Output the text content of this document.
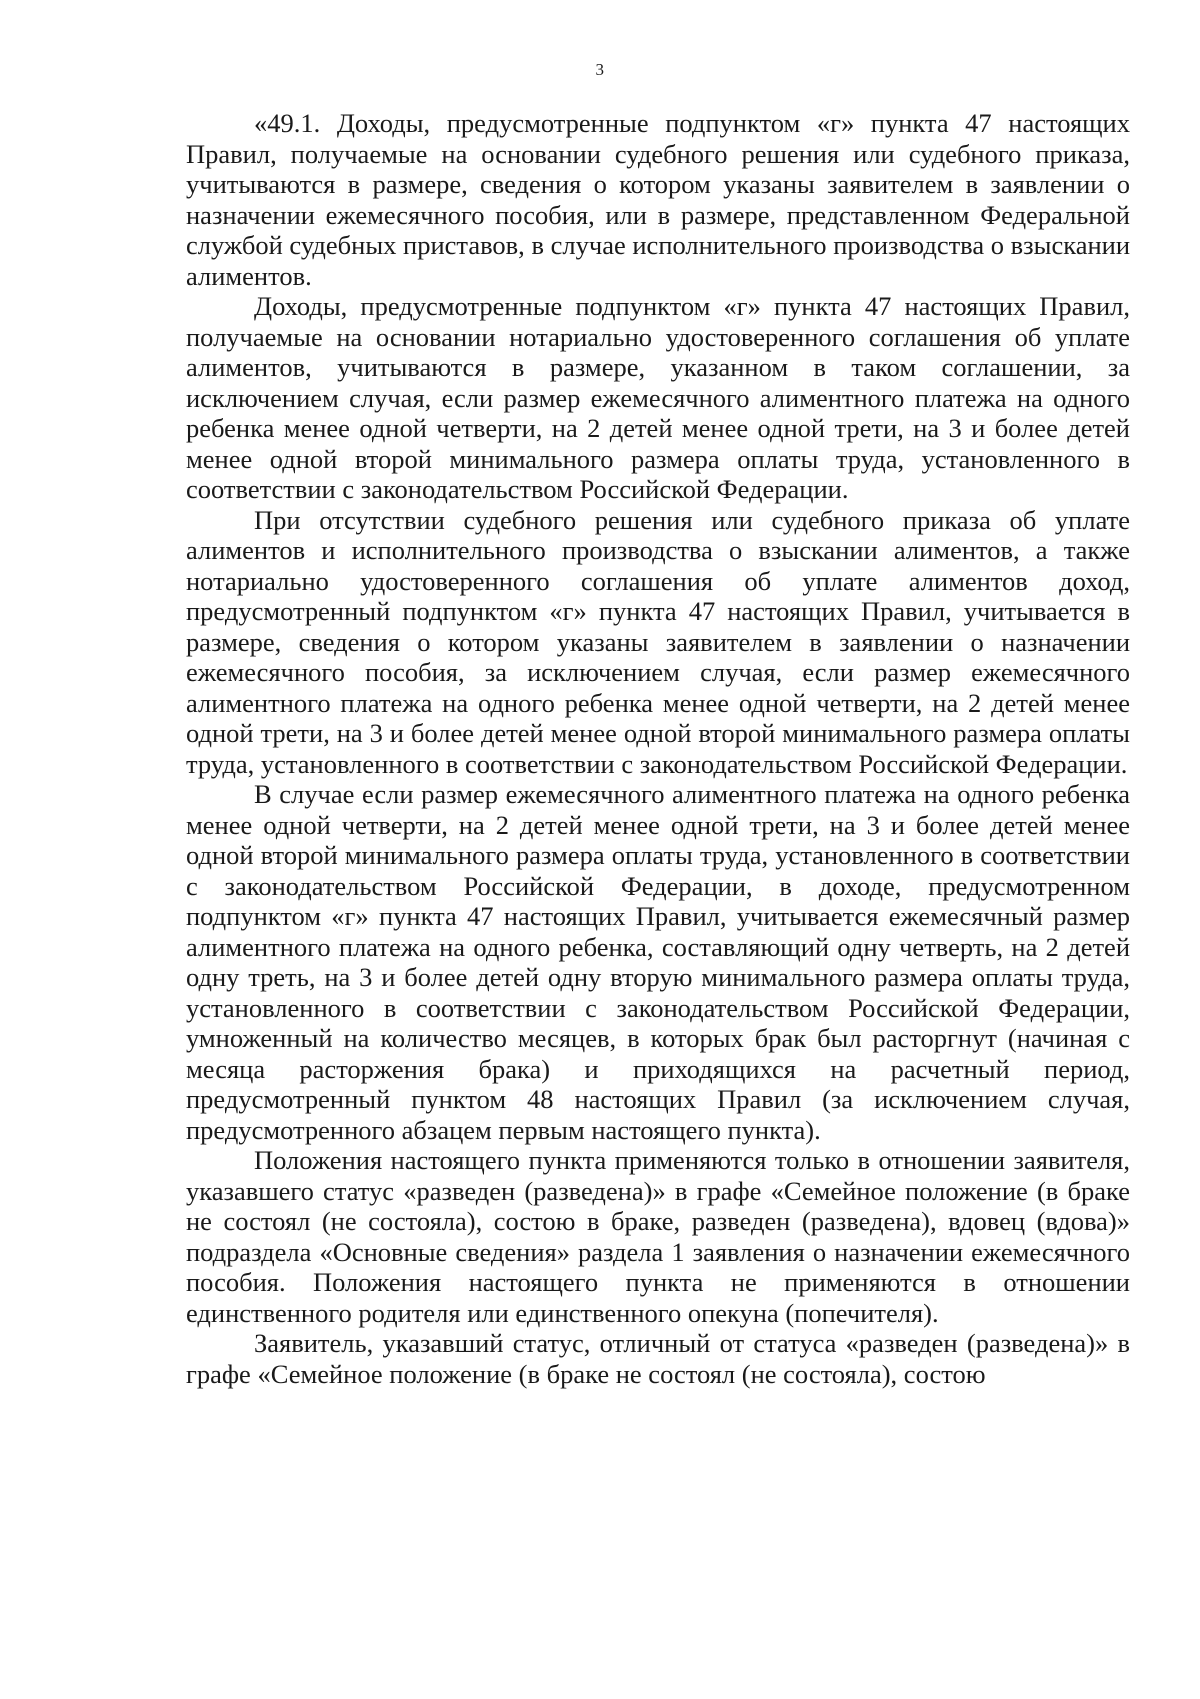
3

«49.1. Доходы, предусмотренные подпунктом «г» пункта 47 настоящих Правил, получаемые на основании судебного решения или судебного приказа, учитываются в размере, сведения о котором указаны заявителем в заявлении о назначении ежемесячного пособия, или в размере, представленном Федеральной службой судебных приставов, в случае исполнительного производства о взыскании алиментов.

Доходы, предусмотренные подпунктом «г» пункта 47 настоящих Правил, получаемые на основании нотариально удостоверенного соглашения об уплате алиментов, учитываются в размере, указанном в таком соглашении, за исключением случая, если размер ежемесячного алиментного платежа на одного ребенка менее одной четверти, на 2 детей менее одной трети, на 3 и более детей менее одной второй минимального размера оплаты труда, установленного в соответствии с законодательством Российской Федерации.

При отсутствии судебного решения или судебного приказа об уплате алиментов и исполнительного производства о взыскании алиментов, а также нотариально удостоверенного соглашения об уплате алиментов доход, предусмотренный подпунктом «г» пункта 47 настоящих Правил, учитывается в размере, сведения о котором указаны заявителем в заявлении о назначении ежемесячного пособия, за исключением случая, если размер ежемесячного алиментного платежа на одного ребенка менее одной четверти, на 2 детей менее одной трети, на 3 и более детей менее одной второй минимального размера оплаты труда, установленного в соответствии с законодательством Российской Федерации.

В случае если размер ежемесячного алиментного платежа на одного ребенка менее одной четверти, на 2 детей менее одной трети, на 3 и более детей менее одной второй минимального размера оплаты труда, установленного в соответствии с законодательством Российской Федерации, в доходе, предусмотренном подпунктом «г» пункта 47 настоящих Правил, учитывается ежемесячный размер алиментного платежа на одного ребенка, составляющий одну четверть, на 2 детей одну треть, на 3 и более детей одну вторую минимального размера оплаты труда, установленного в соответствии с законодательством Российской Федерации, умноженный на количество месяцев, в которых брак был расторгнут (начиная с месяца расторжения брака) и приходящихся на расчетный период, предусмотренный пунктом 48 настоящих Правил (за исключением случая, предусмотренного абзацем первым настоящего пункта).

Положения настоящего пункта применяются только в отношении заявителя, указавшего статус «разведен (разведена)» в графе «Семейное положение (в браке не состоял (не состояла), состою в браке, разведен (разведена), вдовец (вдова)» подраздела «Основные сведения» раздела 1 заявления о назначении ежемесячного пособия. Положения настоящего пункта не применяются в отношении единственного родителя или единственного опекуна (попечителя).

Заявитель, указавший статус, отличный от статуса «разведен (разведена)» в графе «Семейное положение (в браке не состоял (не состояла), состою
